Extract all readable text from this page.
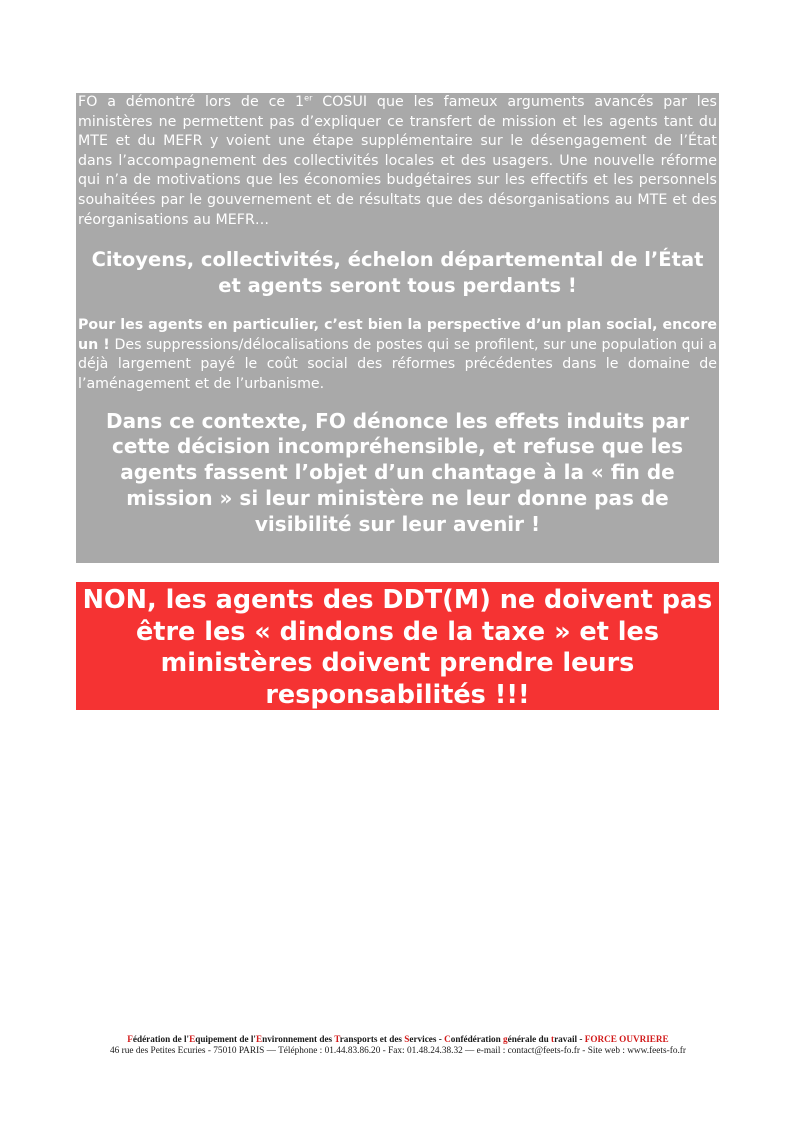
FO a démontré lors de ce 1er COSUI que les fameux arguments avancés par les ministères ne permettent pas d’expliquer ce transfert de mission et les agents tant du MTE et du MEFR y voient une étape supplémentaire sur le désengagement de l’État dans l’accompagnement des collectivités locales et des usagers. Une nouvelle réforme qui n’a de motivations que les économies budgétaires sur les effectifs et les personnels souhaitées par le gouvernement et de résultats que des désorganisations au MTE et des réorganisations au MEFR…

Citoyens, collectivités, échelon départemental de l’État et agents seront tous perdants !

Pour les agents en particulier, c’est bien la perspective d’un plan social, encore un ! Des suppressions/délocalisations de postes qui se profilent, sur une population qui a déjà largement payé le coût social des réformes précédentes dans le domaine de l’aménagement et de l’urbanisme.

Dans ce contexte, FO dénonce les effets induits par cette décision incompréhensible, et refuse que les agents fassent l’objet d’un chantage à la « fin de mission » si leur ministère ne leur donne pas de visibilité sur leur avenir !
NON, les agents des DDT(M) ne doivent pas être les « dindons de la taxe » et les ministères doivent prendre leurs responsabilités !!!
Fédération de l'Equipement de l'Environnement des Transports et des Services - Confédération générale du travail - FORCE OUVRIERE
46 rue des Petites Ecuries - 75010 PARIS — Téléphone : 01.44.83.86.20 - Fax: 01.48.24.38.32 — e-mail : contact@feets-fo.fr - Site web : www.feets-fo.fr
